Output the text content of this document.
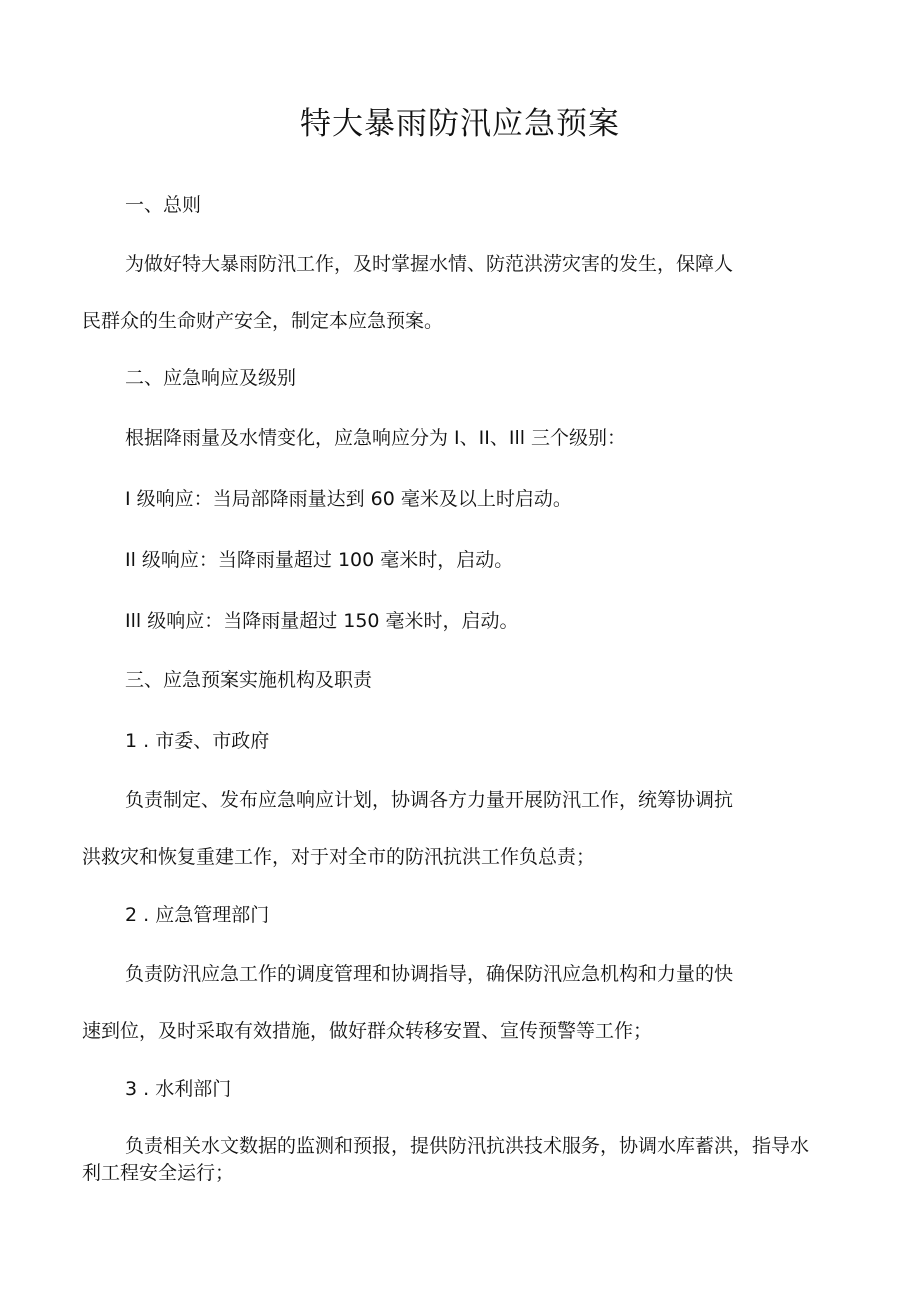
特大暴雨防汛应急预案
一、总则
为做好特大暴雨防汛工作，及时掌握水情、防范洪涝灾害的发生，保障人
民群众的生命财产安全，制定本应急预案。
二、应急响应及级别
根据降雨量及水情变化，应急响应分为 I、II、Ill 三个级别：
I 级响应：当局部降雨量达到 60 毫米及以上时启动。
Il 级响应：当降雨量超过 100 毫米时，启动。
Ill 级响应：当降雨量超过 150 毫米时，启动。
三、应急预案实施机构及职责
1 . 市委、市政府
负责制定、发布应急响应计划，协调各方力量开展防汛工作，统筹协调抗
洪救灾和恢复重建工作，对于对全市的防汛抗洪工作负总责；
2 . 应急管理部门
负责防汛应急工作的调度管理和协调指导，确保防汛应急机构和力量的快
速到位，及时采取有效措施，做好群众转移安置、宣传预警等工作；
3 . 水利部门
负责相关水文数据的监测和预报，提供防汛抗洪技术服务，协调水库蓄洪，指导水
利工程安全运行；
